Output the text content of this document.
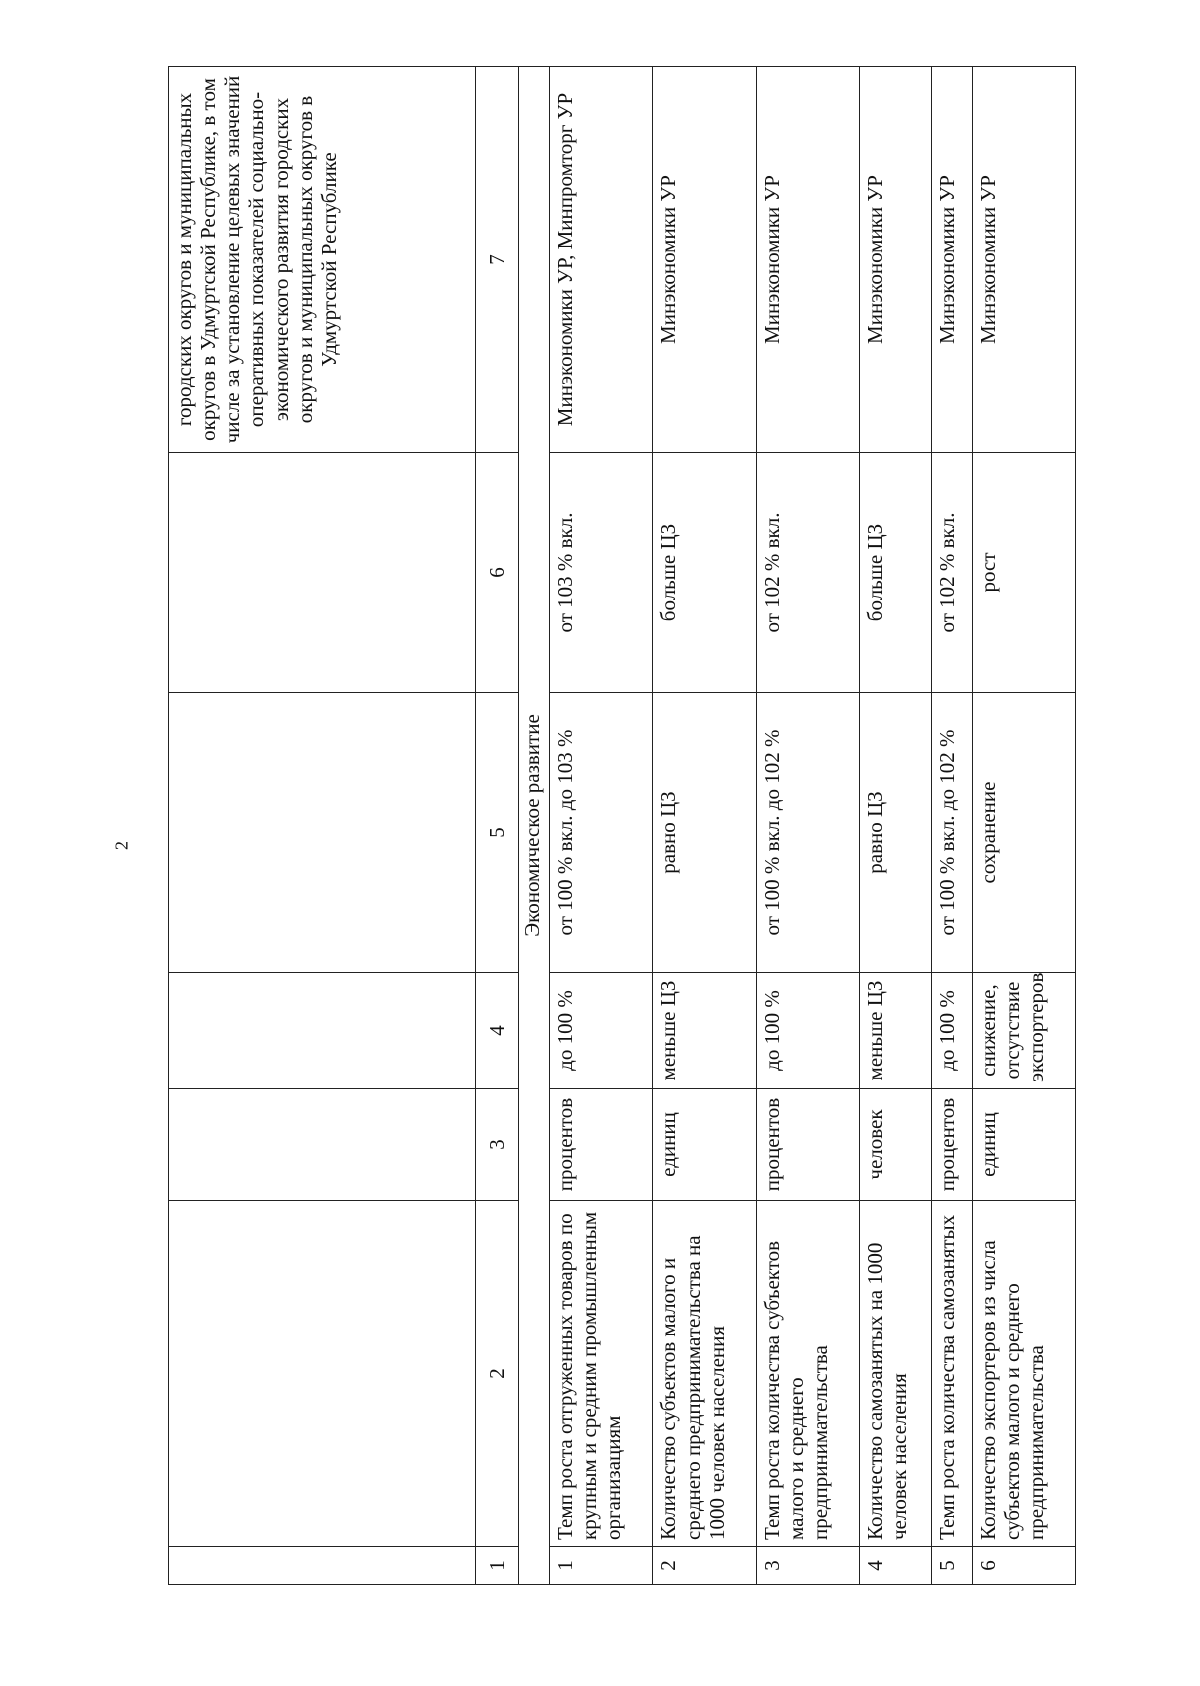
2
						городских округов и муниципальных округов в Удмуртской Республике, в том числе за установление целевых значений оперативных показателей социально-экономического развития городских округов и муниципальных округов в Удмуртской Республике
1	2	3	4	5	6	7
Экономическое развитие						
1	Темп роста отгруженных товаров по крупным и средним промышленным организациям	процентов	до 100 %	от 100 % вкл. до 103 %	от 103 % вкл.	Минэкономики УР, Минпромторг УР
2	Количество субъектов малого и среднего предпринимательства на 1000 человек населения	единиц	меньше ЦЗ	равно ЦЗ	больше ЦЗ	Минэкономики УР
3	Темп роста количества субъектов малого и среднего предпринимательства	процентов	до 100 %	от 100 % вкл. до 102 %	от 102 % вкл.	Минэкономики УР
4	Количество самозанятых на 1000 человек населения	человек	меньше ЦЗ	равно ЦЗ	больше ЦЗ	Минэкономики УР
5	Темп роста количества самозанятых	процентов	до 100 %	от 100 % вкл. до 102 %	от 102 % вкл.	Минэкономики УР
6	Количество экспортеров из числа субъектов малого и среднего предпринимательства	единиц	снижение, отсутствие экспортеров	сохранение	рост	Минэкономики УР
